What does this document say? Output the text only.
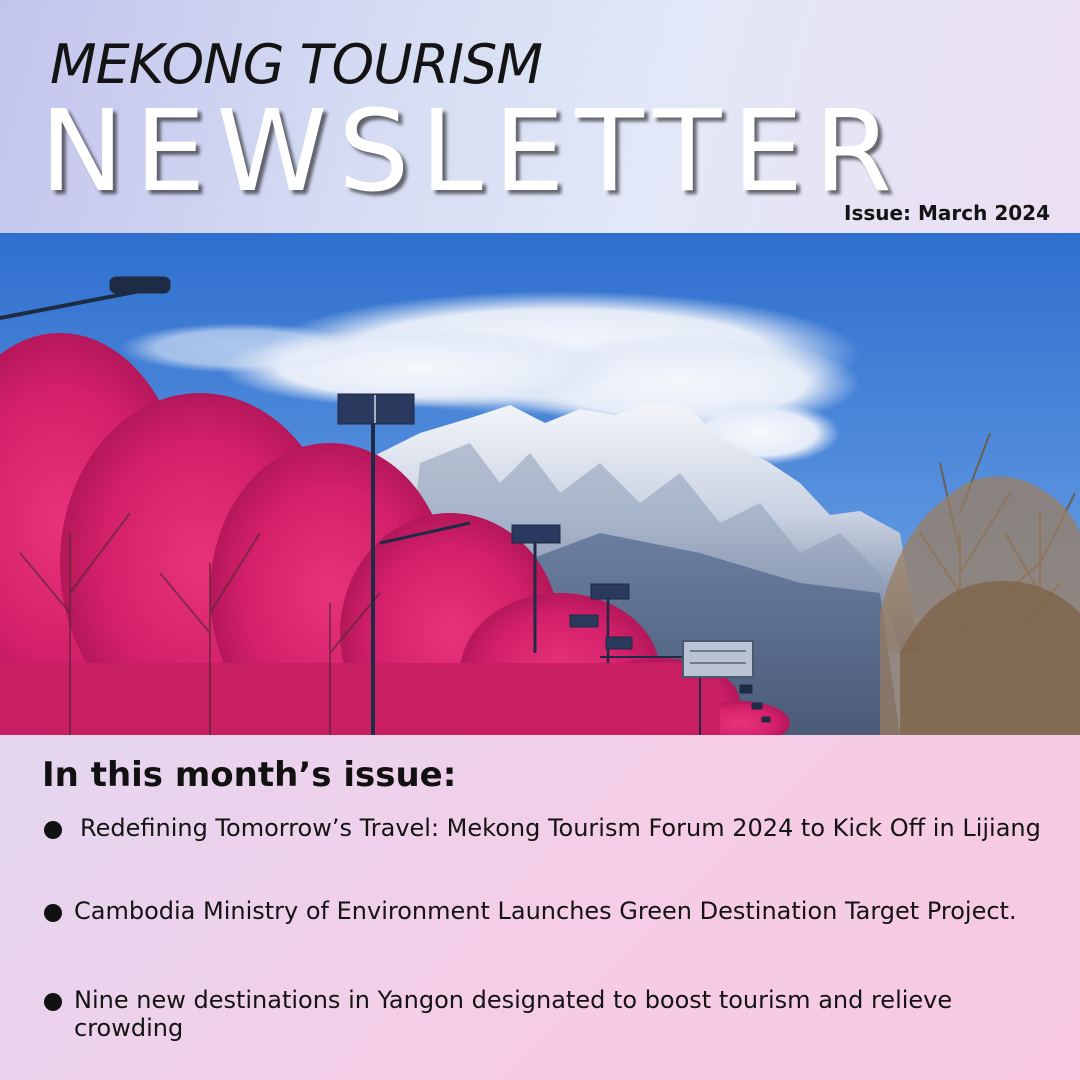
MEKONG TOURISM
NEWSLETTER
Issue: March 2024
In this month’s issue:
Redefining Tomorrow’s Travel: Mekong Tourism Forum 2024 to Kick Off in Lijiang
Cambodia Ministry of Environment Launches Green Destination Target Project.
Nine new destinations in Yangon designated to boost tourism and relieve crowding
